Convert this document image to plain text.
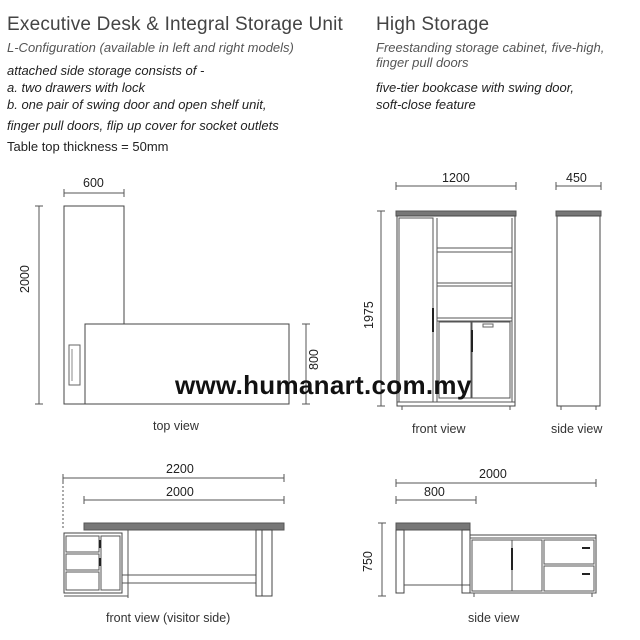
Executive Desk & Integral Storage Unit
L-Configuration (available in left and right models)
attached side storage consists of -
a. two drawers with lock
b. one pair of swing door and open shelf unit,
finger pull doors, flip up cover for socket outlets
Table top thickness = 50mm
High Storage
Freestanding storage cabinet, five-high,
finger pull doors
five-tier bookcase with swing door,
soft-close feature
600
2000
800
1200
1975
450
2200
2000
2000
800
750
top view	front view	side view
front view (visitor side)	side view
www.humanart.com.my
